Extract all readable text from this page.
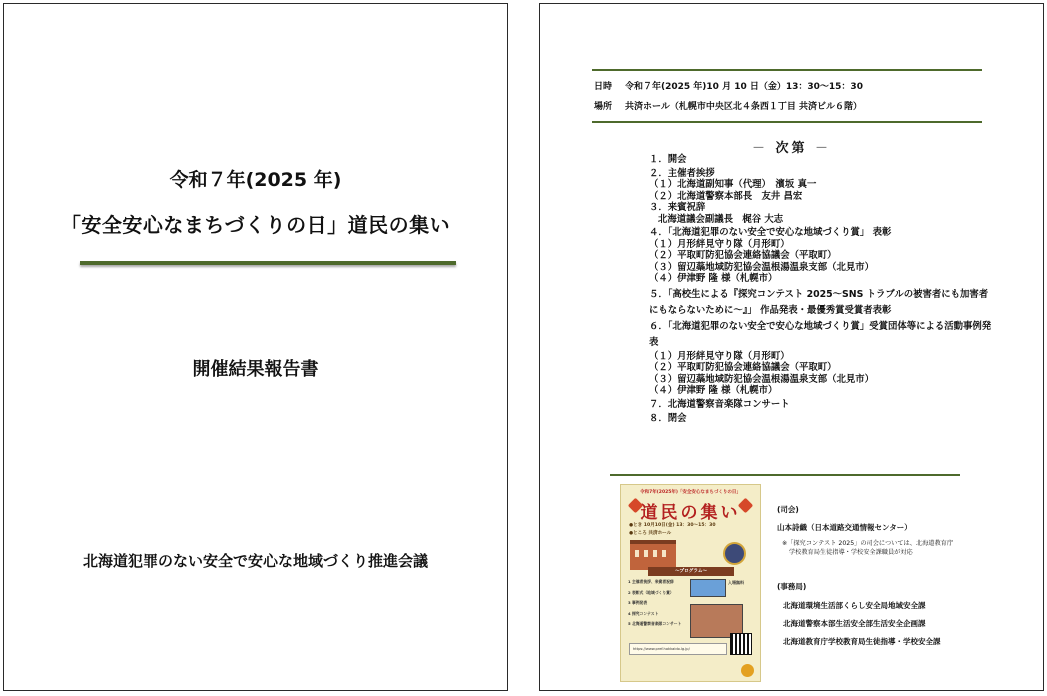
令和７年(2025 年)
「安全安心なまちづくりの日」道民の集い
開催結果報告書
北海道犯罪のない安全で安心な地域づくり推進会議
日時 令和７年(2025 年)10 月 10 日（金）13：30～15：30
場所 共済ホール（札幌市中央区北４条西１丁目 共済ビル６階）
－ 次第 －
１．開会
２．主催者挨拶
（１）北海道副知事（代理）　濱坂 真一
（２）北海道警察本部長　友井 昌宏
３．来賓祝辞
北海道議会副議長　梶谷 大志
４．「北海道犯罪のない安全で安心な地域づくり賞」 表彰
（１）月形絆見守り隊（月形町）
（２）平取町防犯協会連絡協議会（平取町）
（３）留辺蘂地域防犯協会温根湯温泉支部（北見市）
（４）伊津野 隆 様（札幌市）
５．「高校生による『探究コンテスト 2025～SNS トラブルの被害者にも加害者にもならないために～』」 作品発表・最優秀賞受賞者表彰
６．「北海道犯罪のない安全で安心な地域づくり賞」受賞団体等による活動事例発表
（１）月形絆見守り隊（月形町）
（２）平取町防犯協会連絡協議会（平取町）
（３）留辺蘂地域防犯協会温根湯温泉支部（北見市）
（４）伊津野 隆 様（札幌市）
７．北海道警察音楽隊コンサート
８．閉会
令和7年(2025年)「安全安心なまちづくりの日」
道民の集い
●とき 10月10日(金) 13：30〜15：30
●ところ 共済ホール
～プログラム～
1 主催者挨拶、来賓者祝辞
2 表彰式（地域づくり賞）
3 事例発表
4 探究コンテスト
5 北海道警察音楽隊コンサート
入場無料
https://www.pref.hokkaido.lg.jp/
(司会)
山本詩織（日本道路交通情報センター）
※「探究コンテスト 2025」の司会については、北海道教育庁
学校教育局生徒指導・学校安全課職員が対応
(事務局)
北海道環境生活部くらし安全局地域安全課
北海道警察本部生活安全部生活安全企画課
北海道教育庁学校教育局生徒指導・学校安全課
